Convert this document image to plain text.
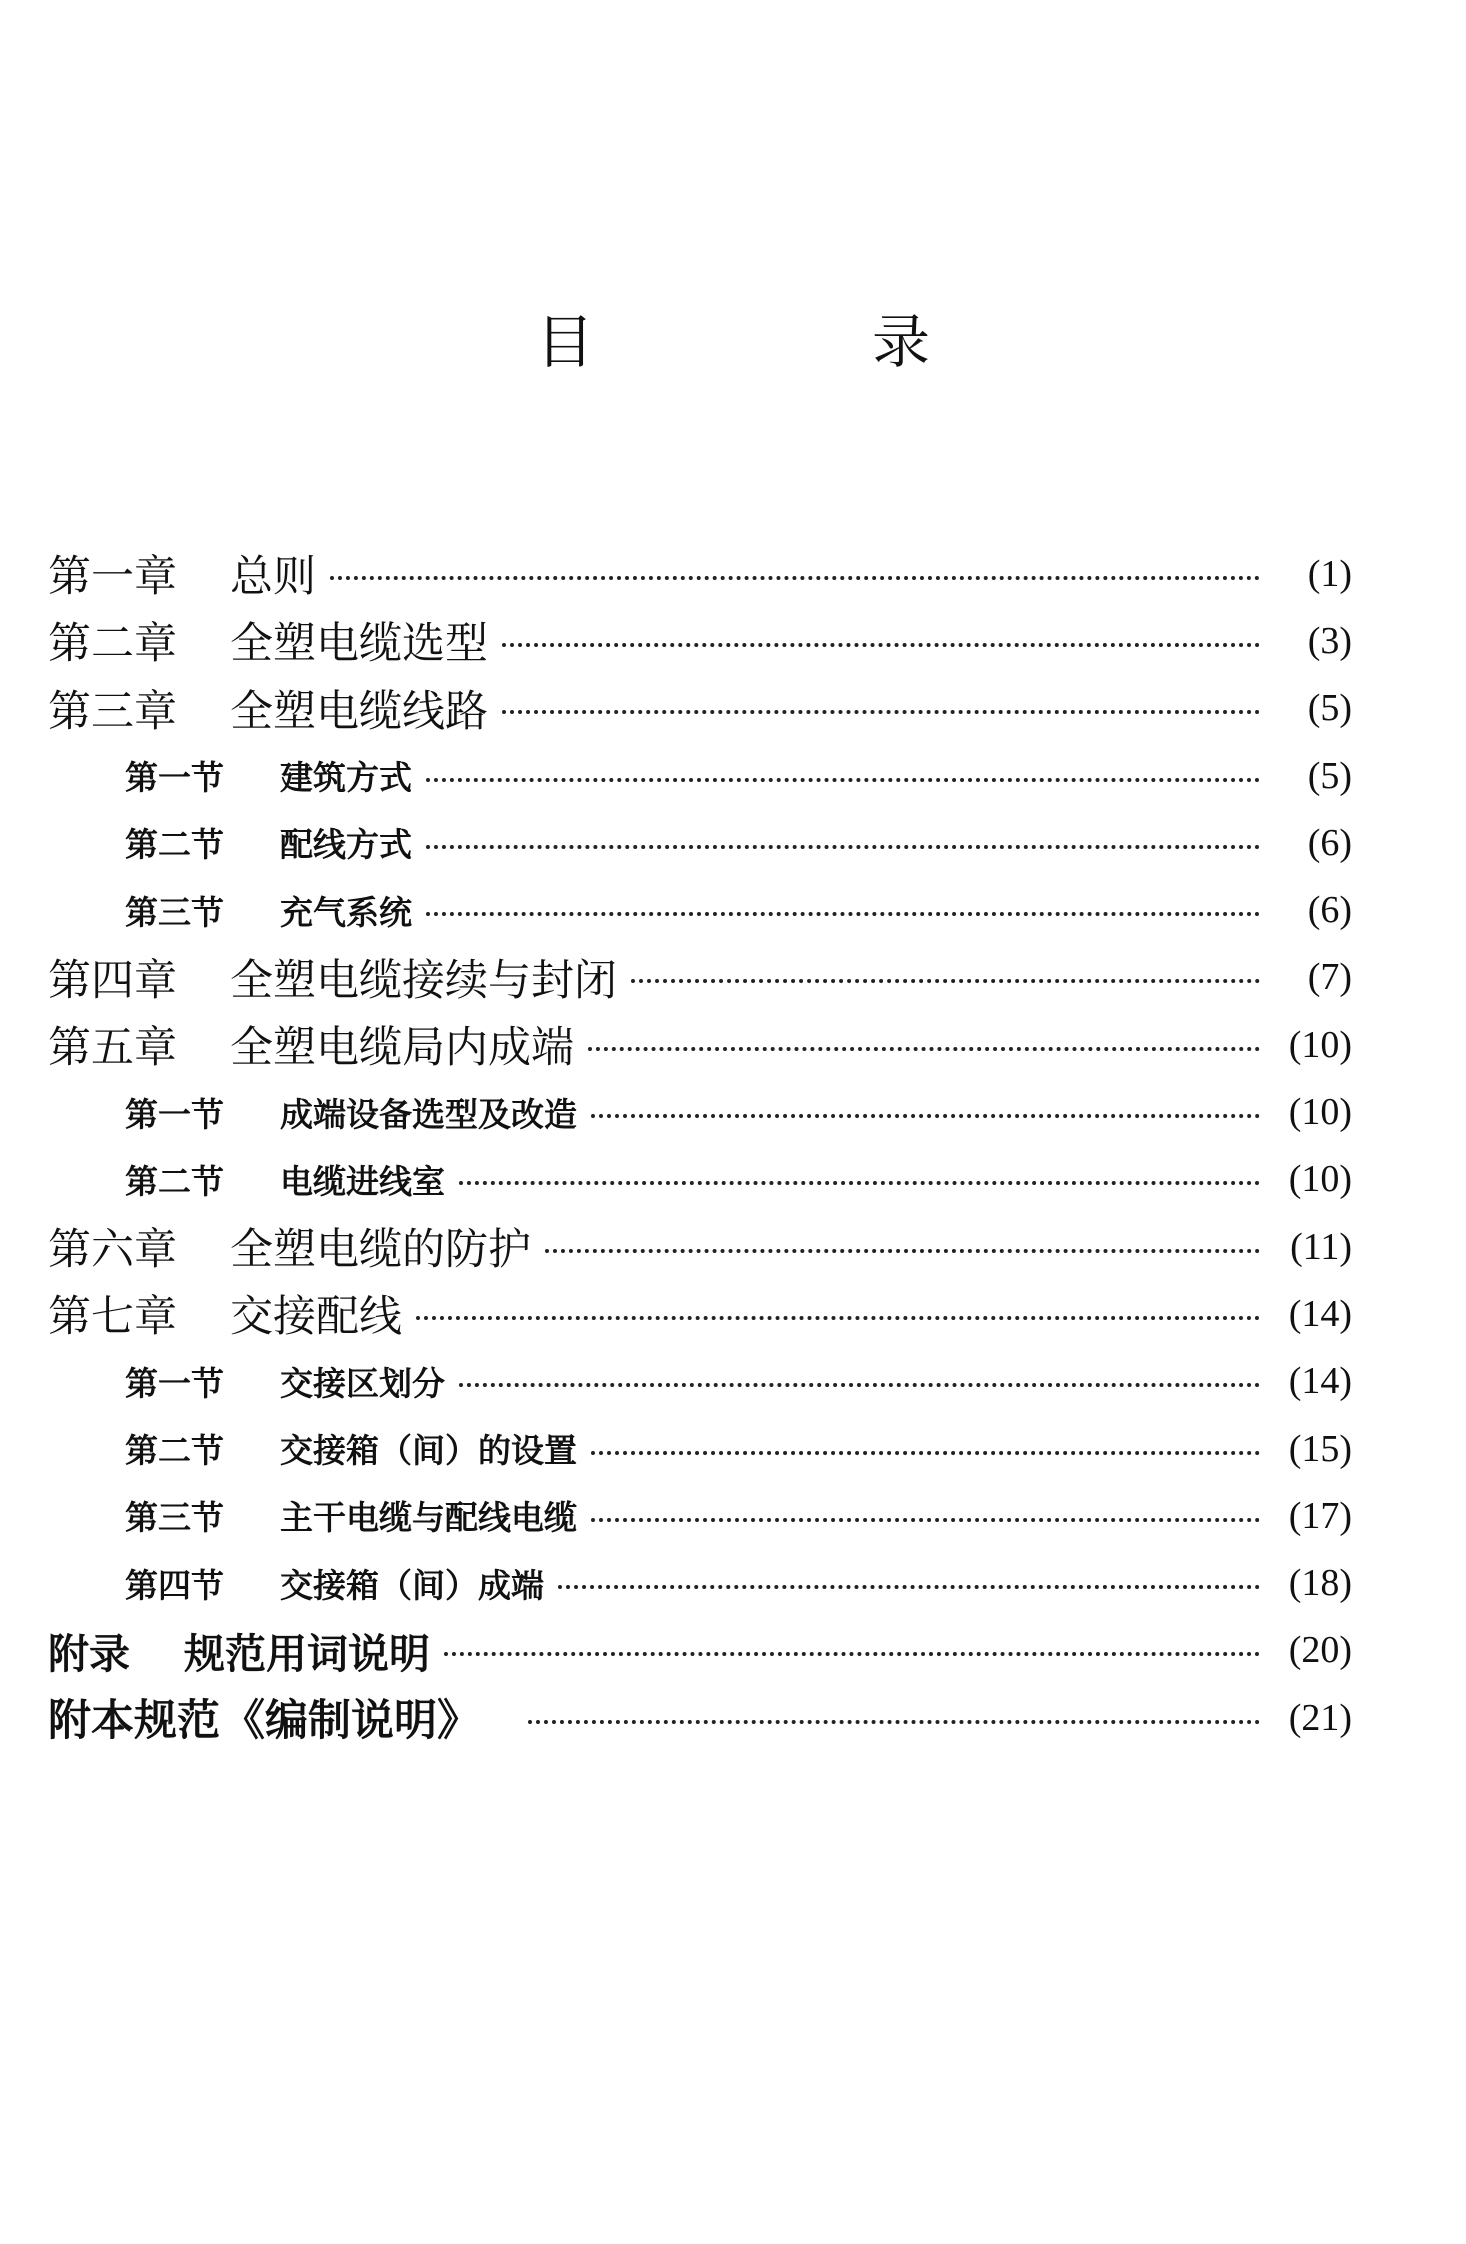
目　录
第一章	总则	(1)
第二章	全塑电缆选型	(3)
第三章	全塑电缆线路	(5)
第一节	建筑方式	(5)
第二节	配线方式	(6)
第三节	充气系统	(6)
第四章	全塑电缆接续与封闭	(7)
第五章	全塑电缆局内成端	(10)
第一节	成端设备选型及改造	(10)
第二节	电缆进线室	(10)
第六章	全塑电缆的防护	(11)
第七章	交接配线	(14)
第一节	交接区划分	(14)
第二节	交接箱（间）的设置	(15)
第三节	主干电缆与配线电缆	(17)
第四节	交接箱（间）成端	(18)
附录	规范用词说明	(20)
附本规范 《编制说明》	(21)
